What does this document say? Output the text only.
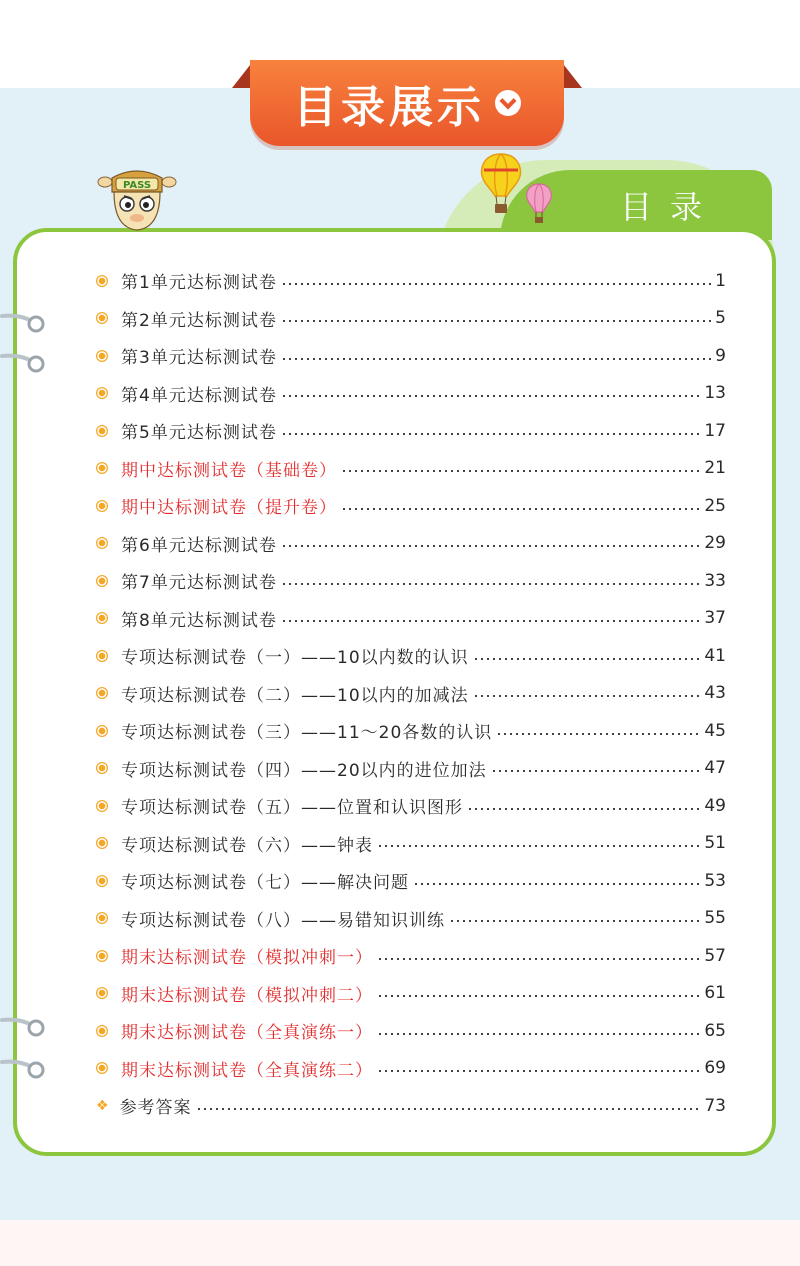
目录展示
目录
PASS
第1单元达标测试卷	1
第2单元达标测试卷	5
第3单元达标测试卷	9
第4单元达标测试卷	13
第5单元达标测试卷	17
期中达标测试卷（基础卷）	21
期中达标测试卷（提升卷）	25
第6单元达标测试卷	29
第7单元达标测试卷	33
第8单元达标测试卷	37
专项达标测试卷（一）——10以内数的认识	41
专项达标测试卷（二）——10以内的加减法	43
专项达标测试卷（三）——11～20各数的认识	45
专项达标测试卷（四）——20以内的进位加法	47
专项达标测试卷（五）——位置和认识图形	49
专项达标测试卷（六）——钟表	51
专项达标测试卷（七）——解决问题	53
专项达标测试卷（八）——易错知识训练	55
期末达标测试卷（模拟冲刺一）	57
期末达标测试卷（模拟冲刺二）	61
期末达标测试卷（全真演练一）	65
期末达标测试卷（全真演练二）	69
❖ 参考答案	73
